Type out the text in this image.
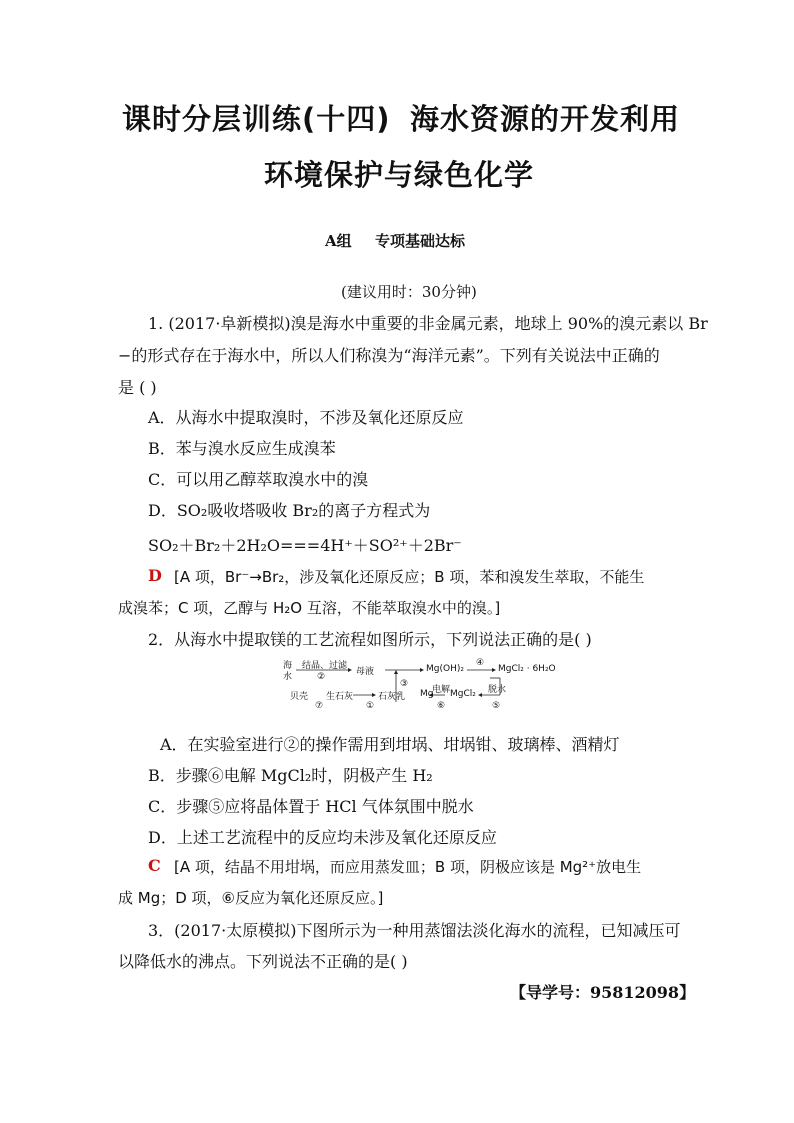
课时分层训练(十四) 海水资源的开发利用
环境保护与绿色化学
A组 专项基础达标
(建议用时：30分钟)
1. (2017·阜新模拟)溴是海水中重要的非金属元素，地球上 90%的溴元素以 Br
−的形式存在于海水中，所以人们称溴为“海洋元素”。下列有关说法中正确的
是 ( )
A．从海水中提取溴时，不涉及氧化还原反应
B．苯与溴水反应生成溴苯
C．可以用乙醇萃取溴水中的溴
D．SO₂吸收塔吸收 Br₂的离子方程式为
SO₂＋Br₂＋2H₂O===4H⁺＋SO²⁺＋2Br⁻
D [A 项，Br⁻→Br₂，涉及氧化还原反应；B 项，苯和溴发生萃取，不能生
成溴苯；C 项，乙醇与 H₂O 互溶，不能萃取溴水中的溴。]
2．从海水中提取镁的工艺流程如图所示，下列说法正确的是( )
海
水
结晶、过滤
②	母液	Mg(OH)₂
④
MgCl₂ · 6H₂O
③
贝壳
⑦
生石灰
①
石灰乳 Mg
电解
⑥
MgCl₂ 脱水
⑤
A．在实验室进行②的操作需用到坩埚、坩埚钳、玻璃棒、酒精灯
B．步骤⑥电解 MgCl₂时，阴极产生 H₂
C．步骤⑤应将晶体置于 HCl 气体氛围中脱水
D．上述工艺流程中的反应均未涉及氧化还原反应
C [A 项，结晶不用坩埚，而应用蒸发皿；B 项，阴极应该是 Mg²⁺放电生
成 Mg；D 项，⑥反应为氧化还原反应。]
3．(2017·太原模拟)下图所示为一种用蒸馏法淡化海水的流程，已知减压可
以降低水的沸点。下列说法不正确的是( )
【导学号：95812098】
